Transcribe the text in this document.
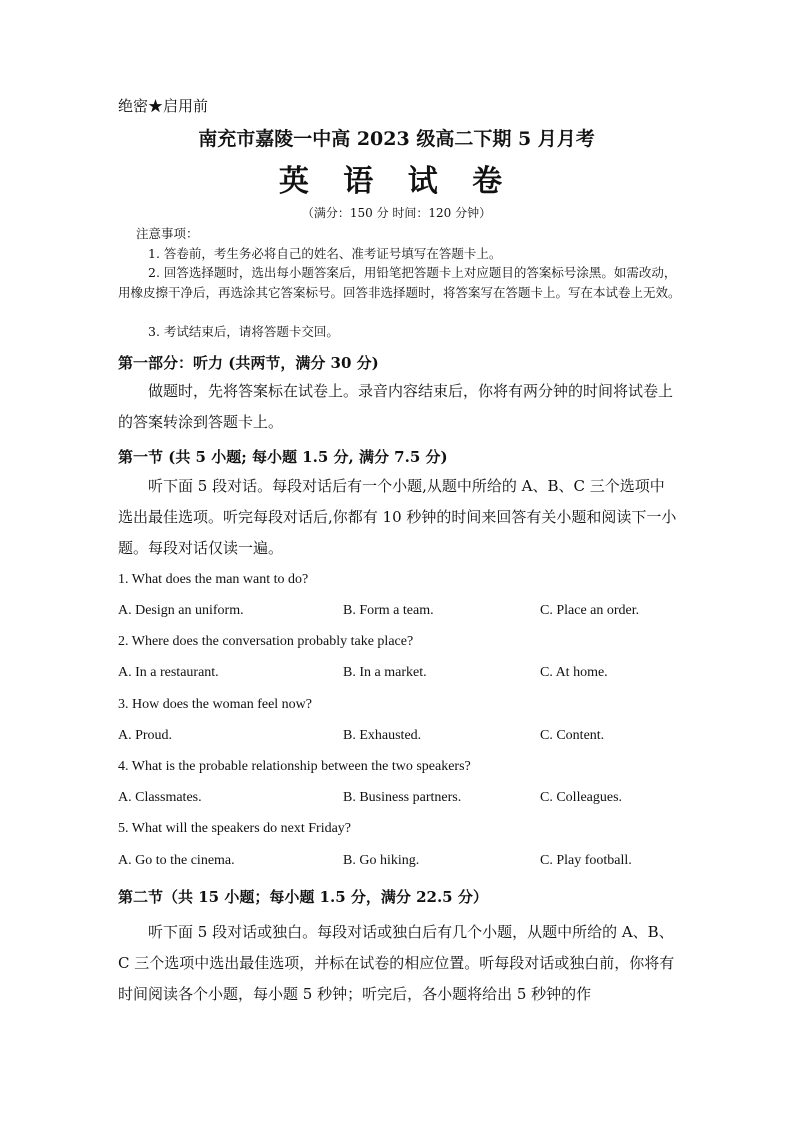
绝密★启用前
南充市嘉陵一中高 2023 级高二下期 5 月月考
英 语 试 卷
（满分：150 分 时间：120 分钟）
注意事项：
1. 答卷前，考生务必将自己的姓名、准考证号填写在答题卡上。
2. 回答选择题时，选出每小题答案后，用铅笔把答题卡上对应题目的答案标号涂黑。如需改动，用橡皮擦干净后，再选涂其它答案标号。回答非选择题时，将答案写在答题卡上。写在本试卷上无效。
3. 考试结束后，请将答题卡交回。
第一部分：听力 (共两节，满分 30 分)
做题时，先将答案标在试卷上。录音内容结束后，你将有两分钟的时间将试卷上的答案转涂到答题卡上。
第一节 (共 5 小题; 每小题 1.5 分, 满分 7.5 分)
听下面 5 段对话。每段对话后有一个小题,从题中所给的 A、B、C 三个选项中选出最佳选项。听完每段对话后,你都有 10 秒钟的时间来回答有关小题和阅读下一小题。每段对话仅读一遍。
1. What does the man want to do?
A. Design an uniform.	B. Form a team.	C. Place an order.
2. Where does the conversation probably take place?
A. In a restaurant.	B. In a market.	C. At home.
3. How does the woman feel now?
A. Proud.	B. Exhausted.	C. Content.
4. What is the probable relationship between the two speakers?
A. Classmates.	B. Business partners.	C. Colleagues.
5. What will the speakers do next Friday?
A. Go to the cinema.	B. Go hiking.	C. Play football.
第二节（共 15 小题；每小题 1.5 分，满分 22.5 分）
听下面 5 段对话或独白。每段对话或独白后有几个小题，从题中所给的 A、B、C 三个选项中选出最佳选项，并标在试卷的相应位置。听每段对话或独白前，你将有时间阅读各个小题，每小题 5 秒钟；听完后，各小题将给出 5 秒钟的作
